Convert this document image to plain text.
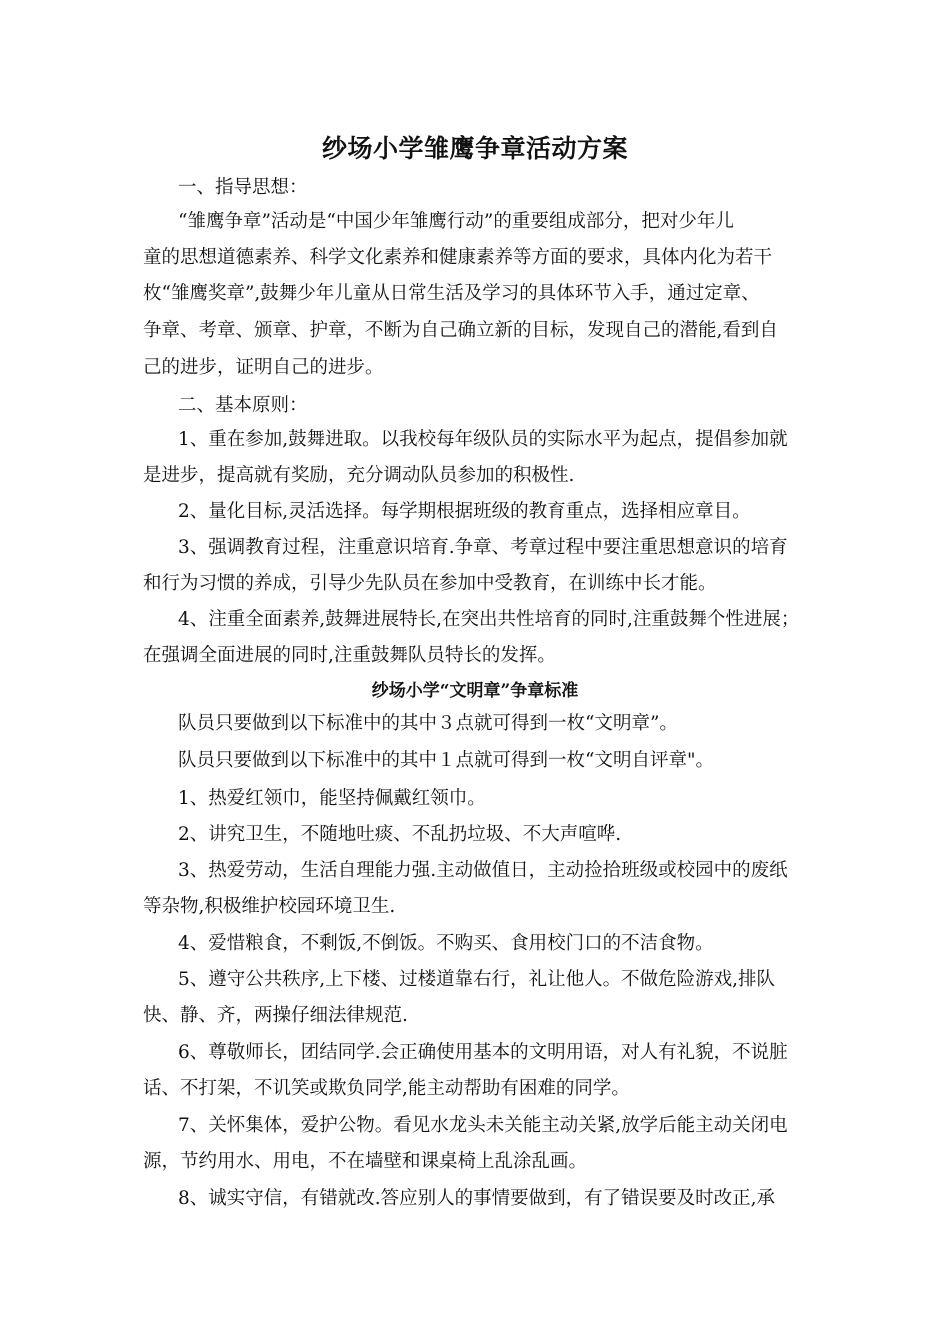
纱场小学雏鹰争章活动方案
一、指导思想：
“雏鹰争章”活动是“中国少年雏鹰行动”的重要组成部分，把对少年儿
童的思想道德素养、科学文化素养和健康素养等方面的要求，具体内化为若干
枚“雏鹰奖章”,鼓舞少年儿童从日常生活及学习的具体环节入手，通过定章、
争章、考章、颁章、护章，不断为自己确立新的目标，发现自己的潜能,看到自
己的进步，证明自己的进步。
二、基本原则：
1、重在参加,鼓舞进取。以我校每年级队员的实际水平为起点，提倡参加就
是进步，提高就有奖励，充分调动队员参加的积极性.
2、量化目标,灵活选择。每学期根据班级的教育重点，选择相应章目。
3、强调教育过程，注重意识培育.争章、考章过程中要注重思想意识的培育
和行为习惯的养成，引导少先队员在参加中受教育，在训练中长才能。
4、注重全面素养,鼓舞进展特长,在突出共性培育的同时,注重鼓舞个性进展；
在强调全面进展的同时,注重鼓舞队员特长的发挥。
纱场小学“文明章”争章标准
队员只要做到以下标准中的其中３点就可得到一枚“文明章”。
队员只要做到以下标准中的其中１点就可得到一枚“文明自评章"。
1、热爱红领巾，能坚持佩戴红领巾。
2、讲究卫生，不随地吐痰、不乱扔垃圾、不大声喧哗.
3、热爱劳动，生活自理能力强.主动做值日，主动捡拾班级或校园中的废纸
等杂物,积极维护校园环境卫生.
4、爱惜粮食，不剩饭,不倒饭。不购买、食用校门口的不洁食物。
5、遵守公共秩序,上下楼、过楼道靠右行，礼让他人。不做危险游戏,排队
快、静、齐，两操仔细法律规范.
6、尊敬师长，团结同学.会正确使用基本的文明用语，对人有礼貌，不说脏
话、不打架，不讥笑或欺负同学,能主动帮助有困难的同学。
7、关怀集体，爱护公物。看见水龙头未关能主动关紧,放学后能主动关闭电
源，节约用水、用电，不在墙壁和课桌椅上乱涂乱画。
8、诚实守信，有错就改.答应别人的事情要做到，有了错误要及时改正,承
